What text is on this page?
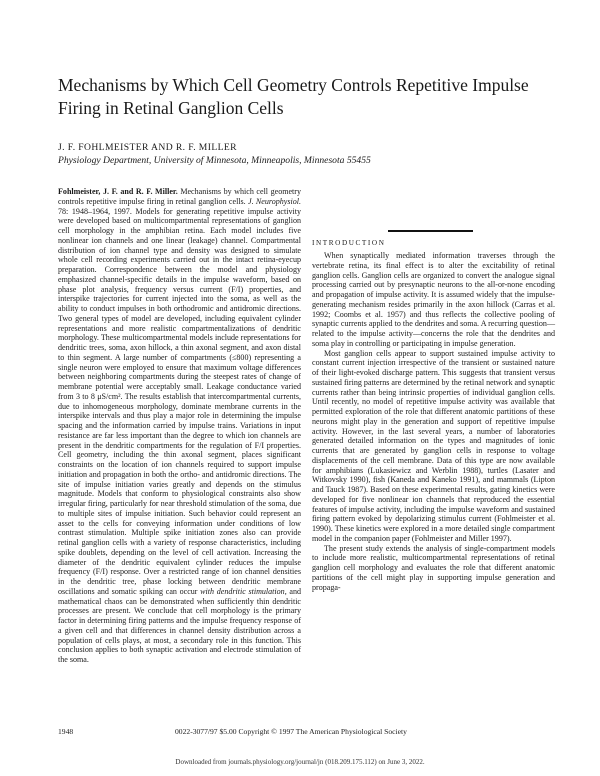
Mechanisms by Which Cell Geometry Controls Repetitive Impulse Firing in Retinal Ganglion Cells
J. F. FOHLMEISTER AND R. F. MILLER
Physiology Department, University of Minnesota, Minneapolis, Minnesota 55455

Fohlmeister, J. F. and R. F. Miller. Mechanisms by which cell geometry controls repetitive impulse firing in retinal ganglion cells. J. Neurophysiol. 78: 1948–1964, 1997. Models for generating repetitive impulse activity were developed based on multicompartmental representations of ganglion cell morphology in the amphibian retina. Each model includes five nonlinear ion channels and one linear (leakage) channel. Compartmental distribution of ion channel type and density was designed to simulate whole cell recording experiments carried out in the intact retina-eyecup preparation. Correspondence between the model and physiology emphasized channel-specific details in the impulse waveform, based on phase plot analysis, frequency versus current (F/I) properties, and interspike trajectories for current injected into the soma, as well as the ability to conduct impulses in both orthodromic and antidromic directions. Two general types of model are developed, including equivalent cylinder representations and more realistic compartmentalizations of dendritic morphology. These multicompartmental models include representations for dendritic trees, soma, axon hillock, a thin axonal segment, and axon distal to thin segment. A large number of compartments (≤800) representing a single neuron were employed to ensure that maximum voltage differences between neighboring compartments during the steepest rates of change of membrane potential were acceptably small. Leakage conductance varied from 3 to 8 μS/cm². The results establish that intercompartmental currents, due to inhomogeneous morphology, dominate membrane currents in the interspike intervals and thus play a major role in determining the impulse spacing and the information carried by impulse trains. Variations in input resistance are far less important than the degree to which ion channels are present in the dendritic compartments for the regulation of F/I properties. Cell geometry, including the thin axonal segment, places significant constraints on the location of ion channels required to support impulse initiation and propagation in both the ortho- and antidromic directions. The site of impulse initiation varies greatly and depends on the stimulus magnitude. Models that conform to physiological constraints also show irregular firing, particularly for near threshold stimulation of the soma, due to multiple sites of impulse initiation. Such behavior could represent an asset to the cells for conveying information under conditions of low contrast stimulation. Multiple spike initiation zones also can provide retinal ganglion cells with a variety of response characteristics, including spike doublets, depending on the level of cell activation. Increasing the diameter of the dendritic equivalent cylinder reduces the impulse frequency (F/I) response. Over a restricted range of ion channel densities in the dendritic tree, phase locking between dendritic membrane oscillations and somatic spiking can occur with dendritic stimulation, and mathematical chaos can be demonstrated when sufficiently thin dendritic processes are present. We conclude that cell morphology is the primary factor in determining firing patterns and the impulse frequency response of a given cell and that differences in channel density distribution across a population of cells plays, at most, a secondary role in this function. This conclusion applies to both synaptic activation and electrode stimulation of the soma.

INTRODUCTION

When synaptically mediated information traverses through the vertebrate retina, its final effect is to alter the excitability of retinal ganglion cells. Ganglion cells are organized to convert the analogue signal processing carried out by presynaptic neurons to the all-or-none encoding and propagation of impulse activity. It is assumed widely that the impulse-generating mechanism resides primarily in the axon hillock (Carras et al. 1992; Coombs et al. 1957) and thus reflects the collective pooling of synaptic currents applied to the dendrites and soma. A recurring question—related to the impulse activity—concerns the role that the dendrites and soma play in controlling or participating in impulse generation.

Most ganglion cells appear to support sustained impulse activity to constant current injection irrespective of the transient or sustained nature of their light-evoked discharge pattern. This suggests that transient versus sustained firing patterns are determined by the retinal network and synaptic currents rather than being intrinsic properties of individual ganglion cells. Until recently, no model of repetitive impulse activity was available that permitted exploration of the role that different anatomic partitions of these neurons might play in the generation and support of repetitive impulse activity. However, in the last several years, a number of laboratories generated detailed information on the types and magnitudes of ionic currents that are generated by ganglion cells in response to voltage displacements of the cell membrane. Data of this type are now available for amphibians (Lukasiewicz and Werblin 1988), turtles (Lasater and Witkovsky 1990), fish (Kaneda and Kaneko 1991), and mammals (Lipton and Tauck 1987). Based on these experimental results, gating kinetics were developed for five nonlinear ion channels that reproduced the essential features of impulse activity, including the impulse waveform and sustained firing pattern evoked by depolarizing stimulus current (Fohlmeister et al. 1990). These kinetics were explored in a more detailed single compartment model in the companion paper (Fohlmeister and Miller 1997).

The present study extends the analysis of single-compartment models to include more realistic, multicompartmental representations of retinal ganglion cell morphology and evaluates the role that different anatomic partitions of the cell might play in supporting impulse generation and propaga-

1948	0022-3077/97 $5.00 Copyright © 1997 The American Physiological Society
Downloaded from journals.physiology.org/journal/jn (018.209.175.112) on June 3, 2022.
